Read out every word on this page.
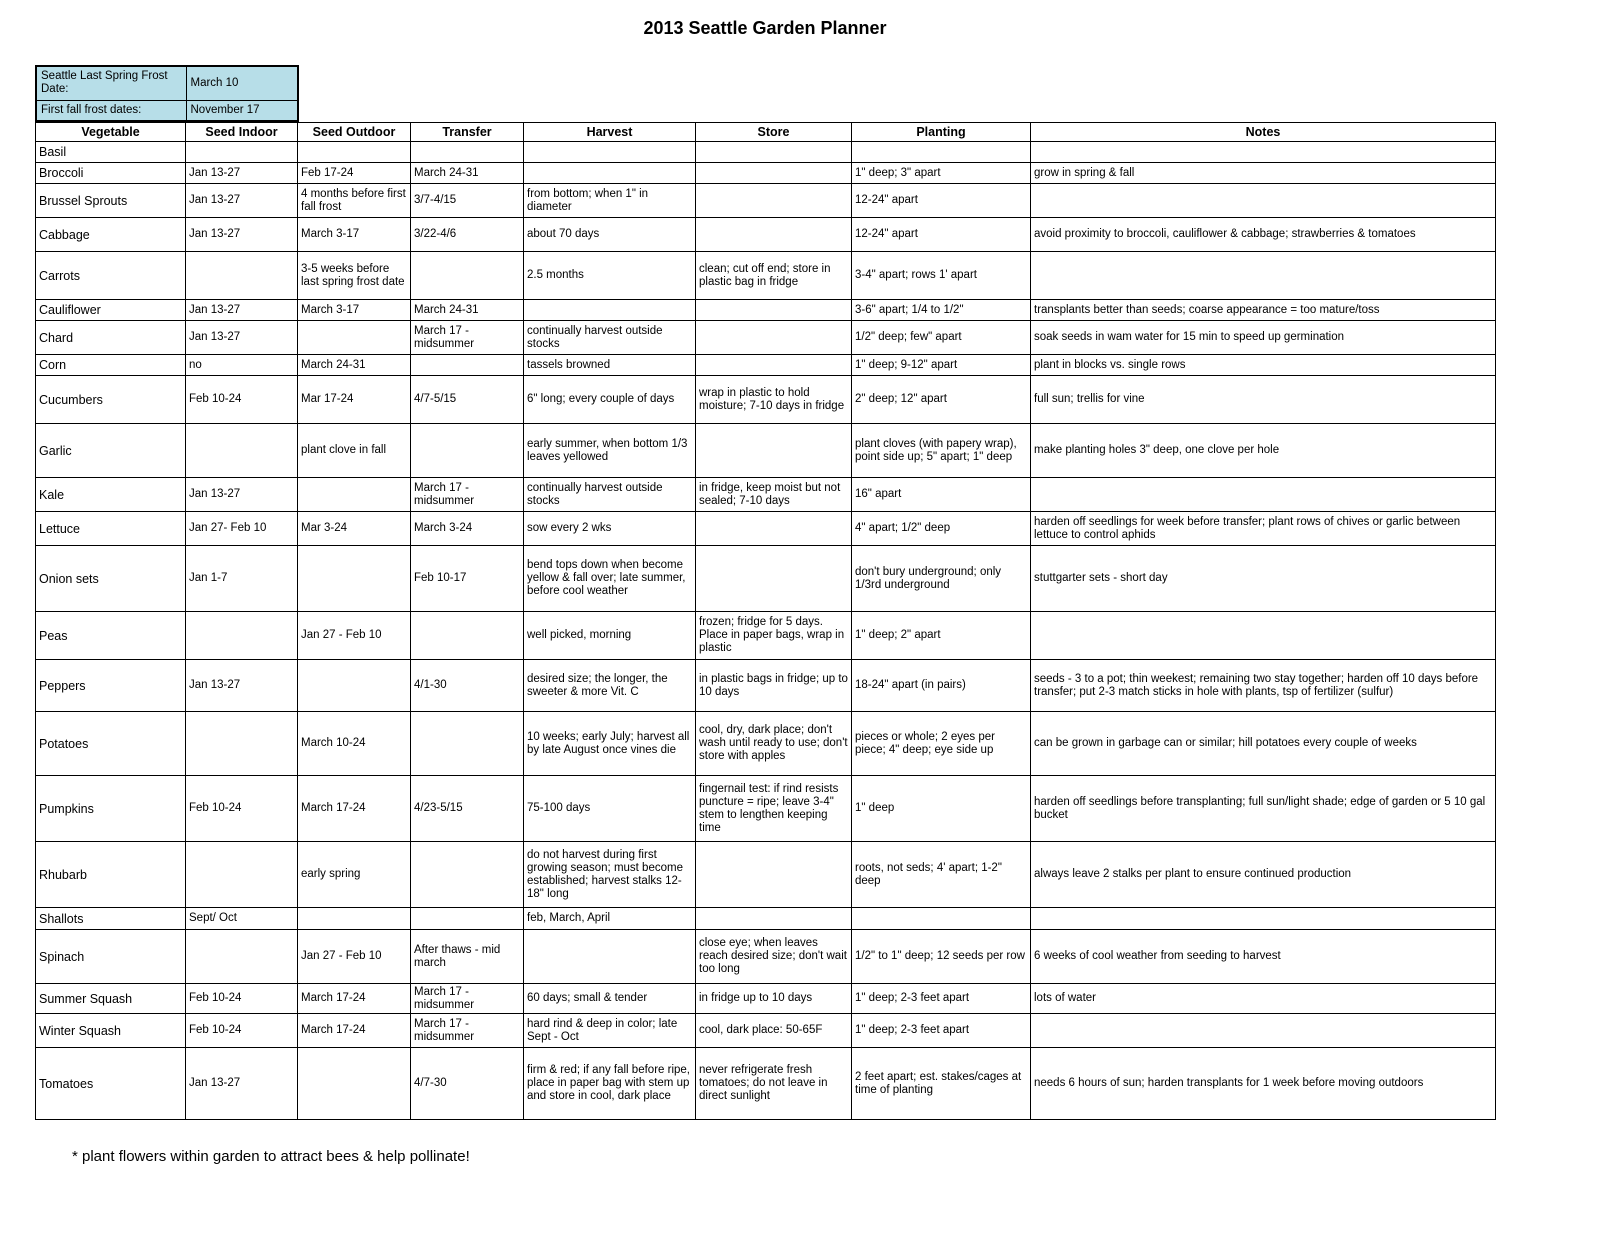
2013 Seattle Garden Planner
Seattle Last Spring Frost Date:	March 10
First fall frost dates:	November 17
Vegetable	Seed Indoor	Seed Outdoor	Transfer	Harvest	Store	Planting	Notes

Basil							

Broccoli	Jan 13-27	Feb 17-24	March 24-31			1" deep; 3" apart	grow in spring & fall

Brussel Sprouts	Jan 13-27	4 months before first fall frost	3/7-4/15	from bottom; when 1" in diameter		12-24" apart	

Cabbage	Jan 13-27	March 3-17	3/22-4/6	about 70 days		12-24" apart	avoid proximity to broccoli, cauliflower & cabbage; strawberries & tomatoes

Carrots		3-5 weeks before last spring frost date		2.5 months	clean; cut off end; store in plastic bag in fridge	3-4" apart; rows 1' apart	

Cauliflower	Jan 13-27	March 3-17	March 24-31			3-6" apart; 1/4 to 1/2"	transplants better than seeds; coarse appearance = too mature/toss

Chard	Jan 13-27		March 17 - midsummer	continually harvest outside stocks		1/2" deep; few" apart	soak seeds in wam water for 15 min to speed up germination

Corn	no	March 24-31		tassels browned		1" deep; 9-12" apart	plant in blocks vs. single rows

Cucumbers	Feb 10-24	Mar 17-24	4/7-5/15	6" long; every couple of days	wrap in plastic to hold moisture; 7-10 days in fridge	2" deep; 12" apart	full sun; trellis for vine

Garlic		plant clove in fall		early summer, when bottom 1/3 leaves yellowed		plant cloves (with papery wrap), point side up; 5" apart; 1" deep	make planting holes 3" deep, one clove per hole

Kale	Jan 13-27		March 17 - midsummer	continually harvest outside stocks	in fridge, keep moist but not sealed; 7-10 days	16" apart	

Lettuce	Jan 27- Feb 10	Mar 3-24	March 3-24	sow every 2 wks		4" apart; 1/2" deep	harden off seedlings for week before transfer; plant rows of chives or garlic between lettuce to control aphids

Onion sets	Jan 1-7		Feb 10-17	bend tops down when become yellow & fall over; late summer, before cool weather		don't bury underground; only 1/3rd underground	stuttgarter sets - short day

Peas		Jan 27 - Feb 10		well picked, morning	frozen; fridge for 5 days. Place in paper bags, wrap in plastic	1" deep; 2" apart	

Peppers	Jan 13-27		4/1-30	desired size; the longer, the sweeter & more Vit. C	in plastic bags in fridge; up to 10 days	18-24" apart (in pairs)	seeds - 3 to a pot; thin weekest; remaining two stay together; harden off 10 days before transfer; put 2-3 match sticks in hole with plants, tsp of fertilizer (sulfur)

Potatoes		March 10-24		10 weeks; early July; harvest all by late August once vines die	cool, dry, dark place; don't wash until ready to use; don't store with apples	pieces or whole; 2 eyes per piece; 4" deep; eye side up	can be grown in garbage can or similar; hill potatoes every couple of weeks

Pumpkins	Feb 10-24	March 17-24	4/23-5/15	75-100 days	fingernail test: if rind resists puncture = ripe; leave 3-4" stem to lengthen keeping time	1" deep	harden off seedlings before transplanting; full sun/light shade; edge of garden or 5 10 gal bucket

Rhubarb		early spring		do not harvest during first growing season; must become established; harvest stalks 12-18" long		roots, not seds; 4' apart; 1-2" deep	always leave 2 stalks per plant to ensure continued production

Shallots	Sept/ Oct			feb, March, April			

Spinach		Jan 27 - Feb 10	After thaws - mid march		close eye; when leaves reach desired size; don't wait too long	1/2" to 1" deep; 12 seeds per row	6 weeks of cool weather from seeding to harvest

Summer Squash	Feb 10-24	March 17-24	March 17 - midsummer	60 days; small & tender	in fridge up to 10 days	1" deep; 2-3 feet apart	lots of water

Winter Squash	Feb 10-24	March 17-24	March 17 - midsummer	hard rind & deep in color; late Sept - Oct	cool, dark place: 50-65F	1" deep; 2-3 feet apart	

Tomatoes	Jan 13-27		4/7-30	firm & red; if any fall before ripe, place in paper bag with stem up and store in cool, dark place	never refrigerate fresh tomatoes; do not leave in direct sunlight	2 feet apart; est. stakes/cages at time of planting	needs 6 hours of sun; harden transplants for 1 week before moving outdoors
* plant flowers within garden to attract bees & help pollinate!
